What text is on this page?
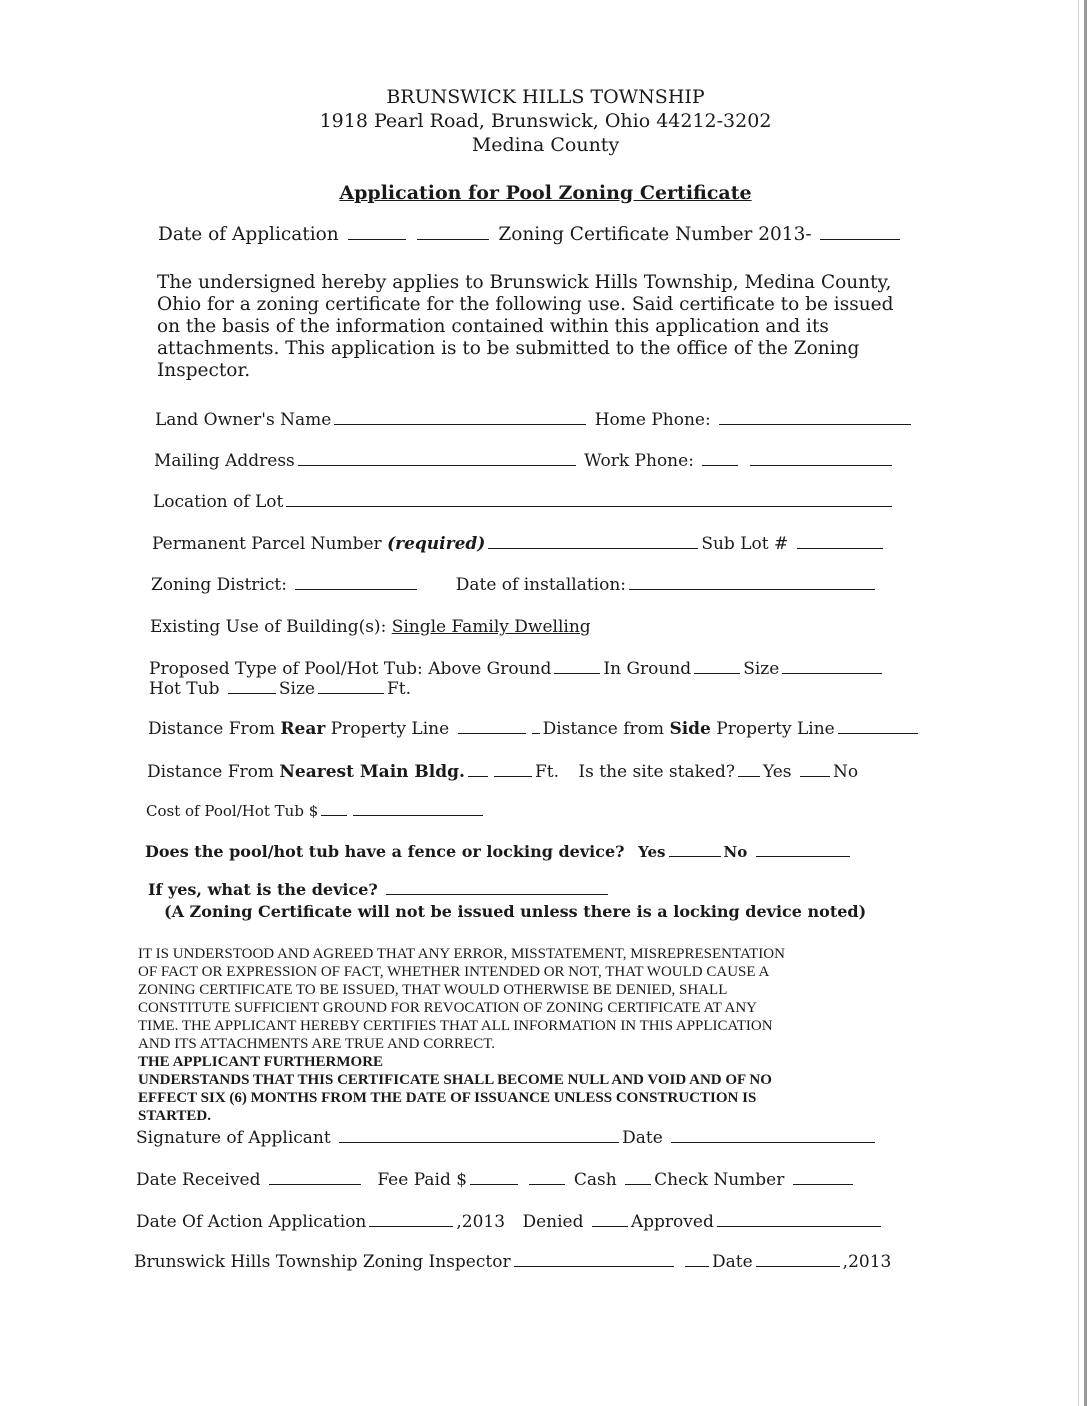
BRUNSWICK HILLS TOWNSHIP
1918 Pearl Road, Brunswick, Ohio 44212-3202
Medina County
Application for Pool Zoning Certificate
Date of Application	Zoning Certificate Number 2013-
The undersigned hereby applies to Brunswick Hills Township, Medina County,
Ohio for a zoning certificate for the following use. Said certificate to be issued
on the basis of the information contained within this application and its
attachments. This application is to be submitted to the office of the Zoning
Inspector.
Land Owner's Name	Home Phone:
Mailing Address	Work Phone:
Location of Lot
Permanent Parcel Number (required)	Sub Lot #
Zoning District:	Date of installation:
Existing Use of Building(s): Single Family Dwelling
Proposed Type of Pool/Hot Tub: Above Ground	In Ground	Size
Hot Tub	Size	Ft.
Distance From Rear Property Line	Distance from Side Property Line
Distance From Nearest Main Bldg.	Ft. Is the site staked? Yes No
Cost of Pool/Hot Tub $
Does the pool/hot tub have a fence or locking device? Yes	No
If yes, what is the device?
(A Zoning Certificate will not be issued unless there is a locking device noted)
IT IS UNDERSTOOD AND AGREED THAT ANY ERROR, MISSTATEMENT, MISREPRESENTATION
OF FACT OR EXPRESSION OF FACT, WHETHER INTENDED OR NOT, THAT WOULD CAUSE A
ZONING CERTIFICATE TO BE ISSUED, THAT WOULD OTHERWISE BE DENIED, SHALL
CONSTITUTE SUFFICIENT GROUND FOR REVOCATION OF ZONING CERTIFICATE AT ANY
TIME. THE APPLICANT HEREBY CERTIFIES THAT ALL INFORMATION IN THIS APPLICATION
AND ITS ATTACHMENTS ARE TRUE AND CORRECT.
THE APPLICANT FURTHERMORE
UNDERSTANDS THAT THIS CERTIFICATE SHALL BECOME NULL AND VOID AND OF NO
EFFECT SIX (6) MONTHS FROM THE DATE OF ISSUANCE UNLESS CONSTRUCTION IS
STARTED.
Signature of Applicant	Date
Date Received	Fee Paid $	Cash Check Number
Date Of Action Application	,2013 Denied	Approved
Brunswick Hills Township Zoning Inspector	Date	,2013
